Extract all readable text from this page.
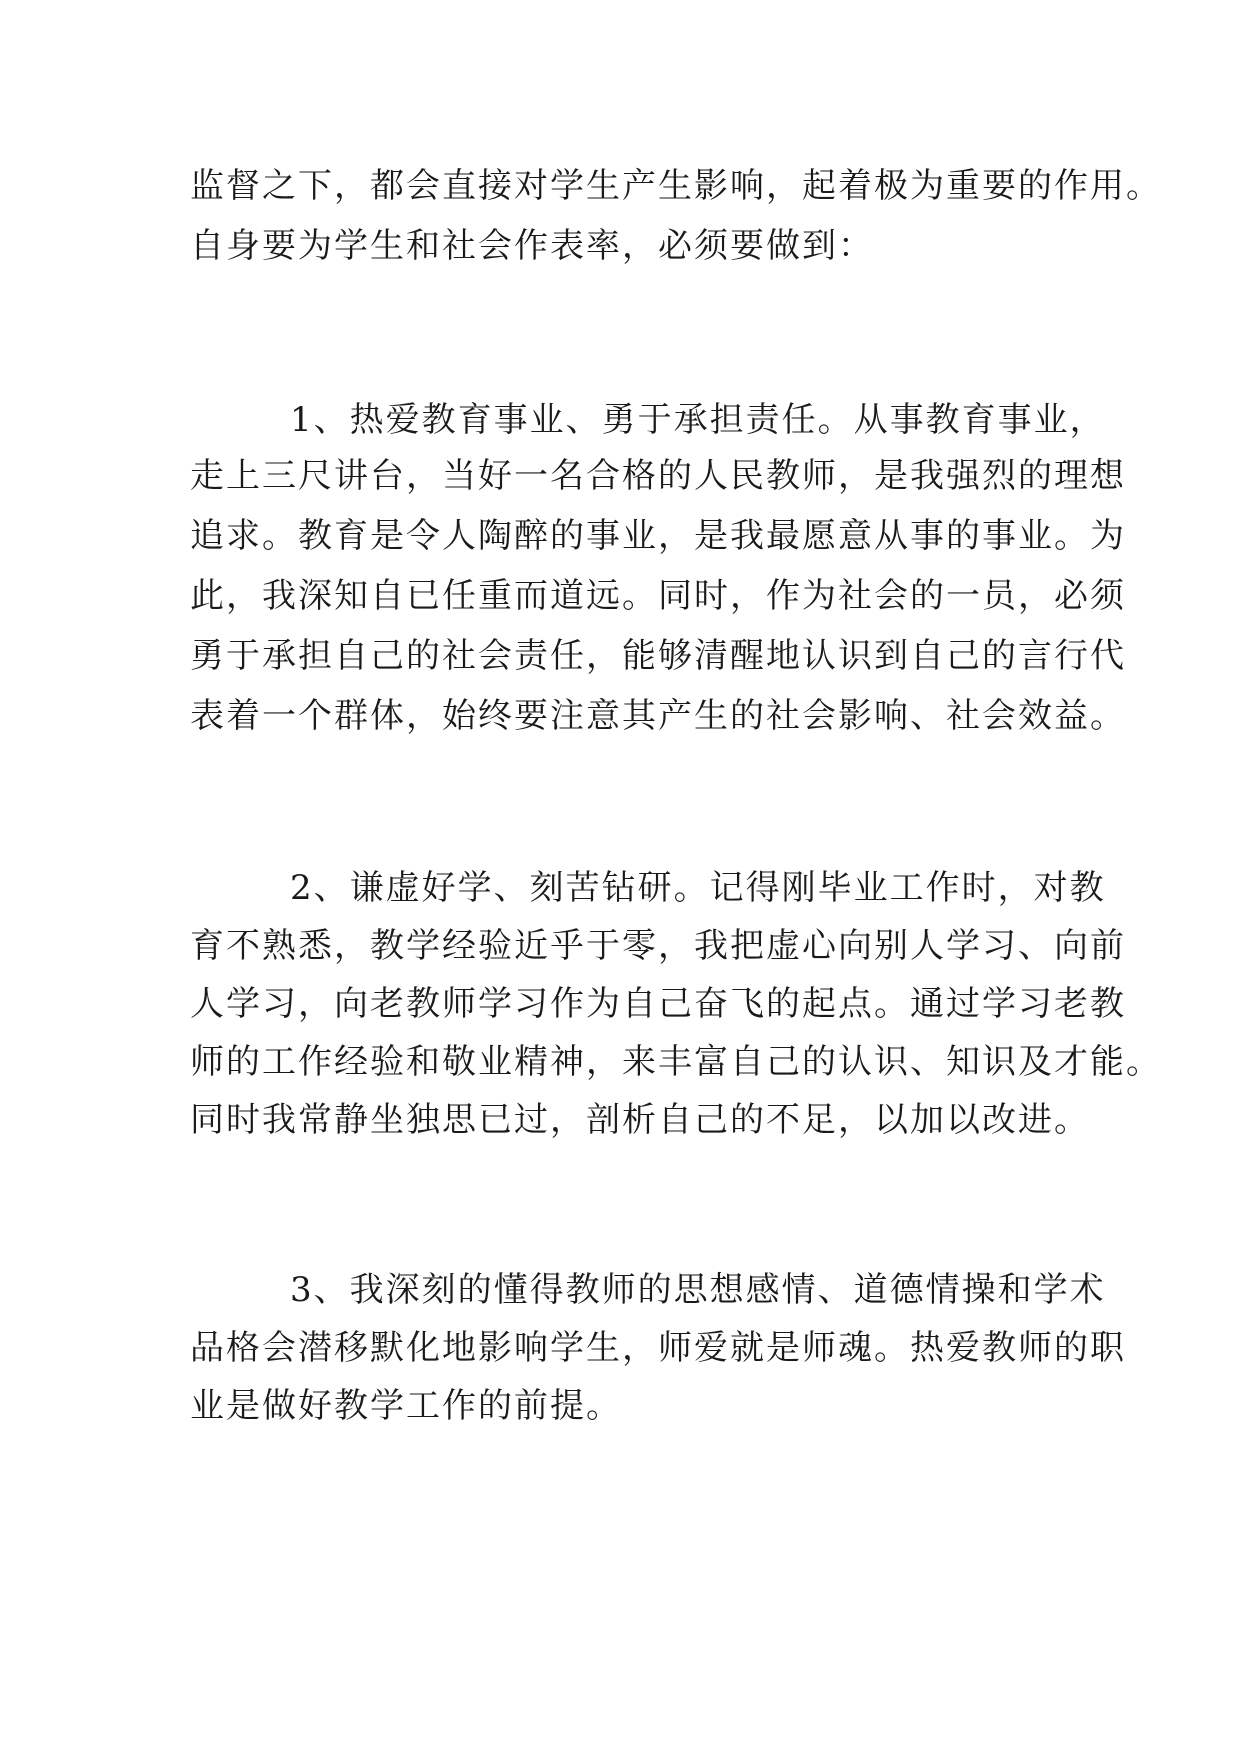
监督之下，都会直接对学生产生影响，起着极为重要的作用。
自身要为学生和社会作表率，必须要做到：
1、热爱教育事业、勇于承担责任。从事教育事业，
走上三尺讲台，当好一名合格的人民教师，是我强烈的理想
追求。教育是令人陶醉的事业，是我最愿意从事的事业。为
此，我深知自已任重而道远。同时，作为社会的一员，必须
勇于承担自己的社会责任，能够清醒地认识到自己的言行代
表着一个群体，始终要注意其产生的社会影响、社会效益。
2、谦虚好学、刻苦钻研。记得刚毕业工作时，对教
育不熟悉，教学经验近乎于零，我把虚心向别人学习、向前
人学习，向老教师学习作为自己奋飞的起点。通过学习老教
师的工作经验和敬业精神，来丰富自己的认识、知识及才能。
同时我常静坐独思已过，剖析自己的不足，以加以改进。
3、我深刻的懂得教师的思想感情、道德情操和学术
品格会潜移默化地影响学生，师爱就是师魂。热爱教师的职
业是做好教学工作的前提。
